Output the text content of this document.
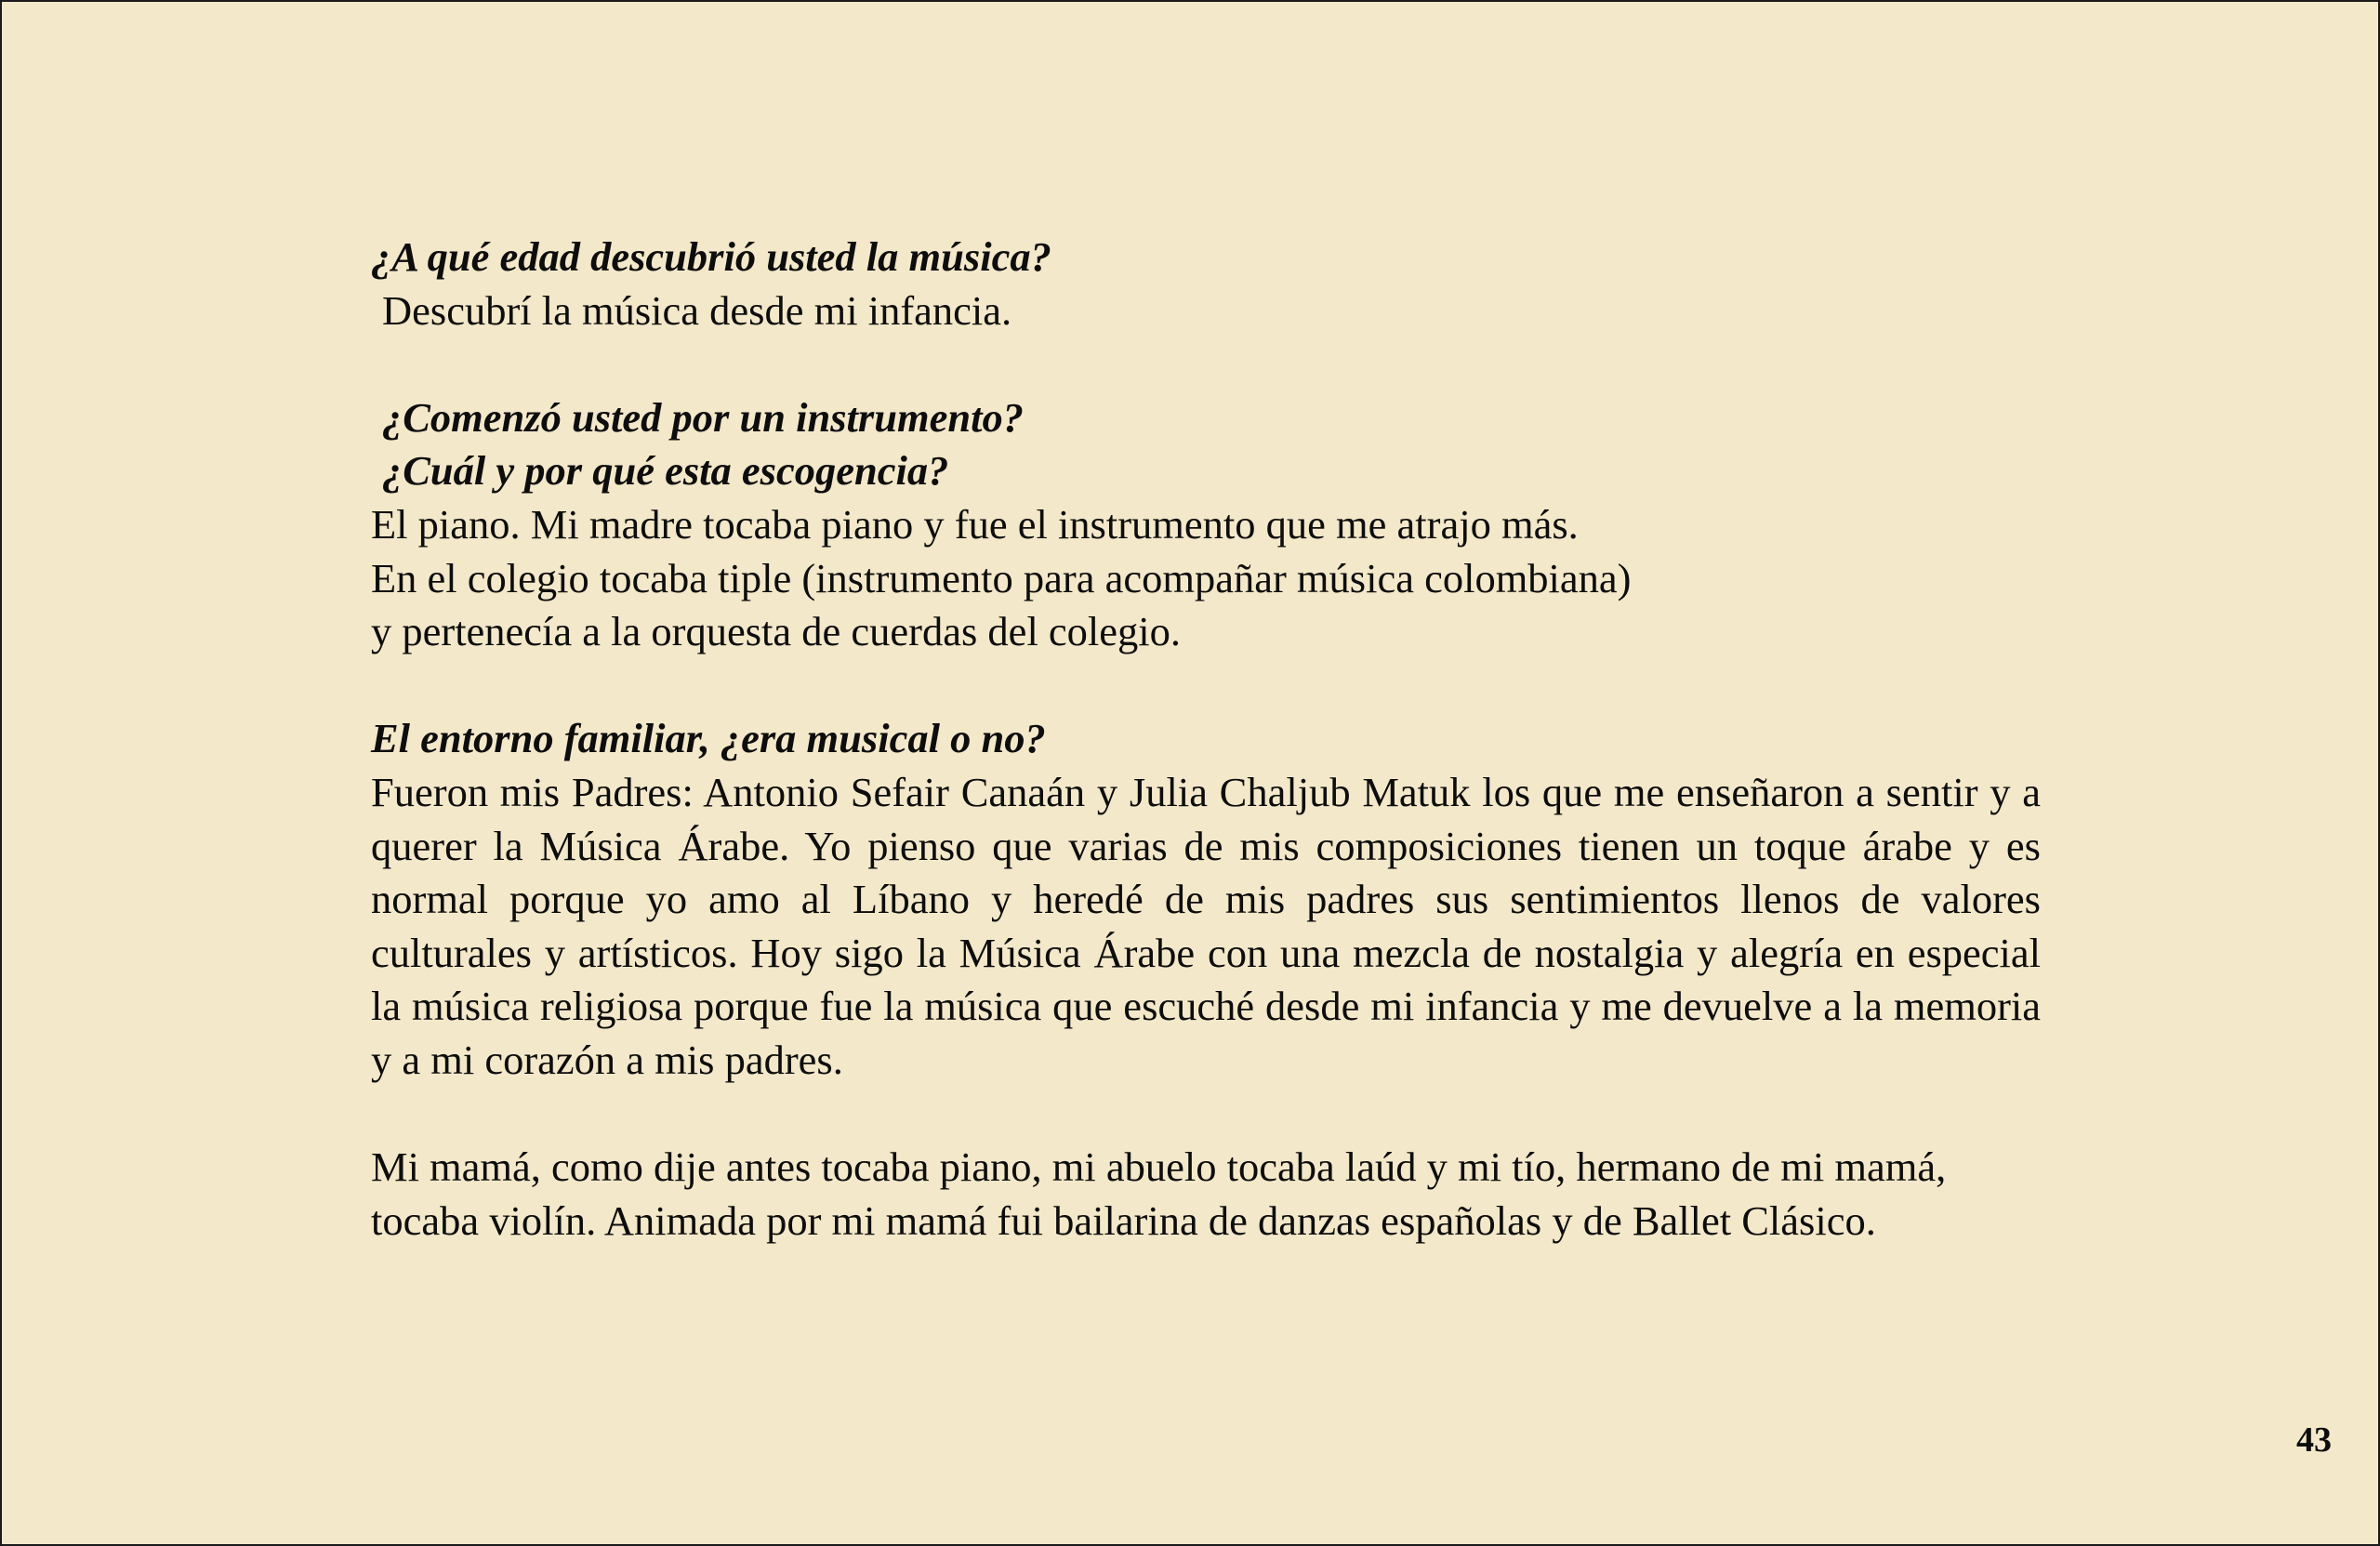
¿A qué edad descubrió usted la música?
Descubrí la música desde mi infancia.
¿Comenzó usted por un instrumento?
¿Cuál y por qué esta escogencia?
El piano. Mi madre tocaba piano y fue el instrumento que me atrajo más.
En el colegio tocaba tiple (instrumento para acompañar música colombiana)
y pertenecía a la orquesta de cuerdas del colegio.
El entorno familiar, ¿era musical o no?
Fueron mis Padres: Antonio Sefair Canaán y Julia Chaljub Matuk los que me enseñaron a sentir y a querer la Música Árabe. Yo pienso que varias de mis composiciones tienen un toque árabe y es normal porque yo amo al Líbano y heredé de mis padres sus sentimientos llenos de valores culturales y artísticos. Hoy sigo la Música Árabe con una mezcla de nostalgia y alegría en especial la música religiosa porque fue la música que escuché desde mi infancia y me devuelve a la memoria y a mi corazón a mis padres.
Mi mamá, como dije antes tocaba piano, mi abuelo tocaba laúd y mi tío, hermano de mi mamá,
tocaba violín. Animada por mi mamá fui bailarina de danzas españolas y de Ballet Clásico.
43
